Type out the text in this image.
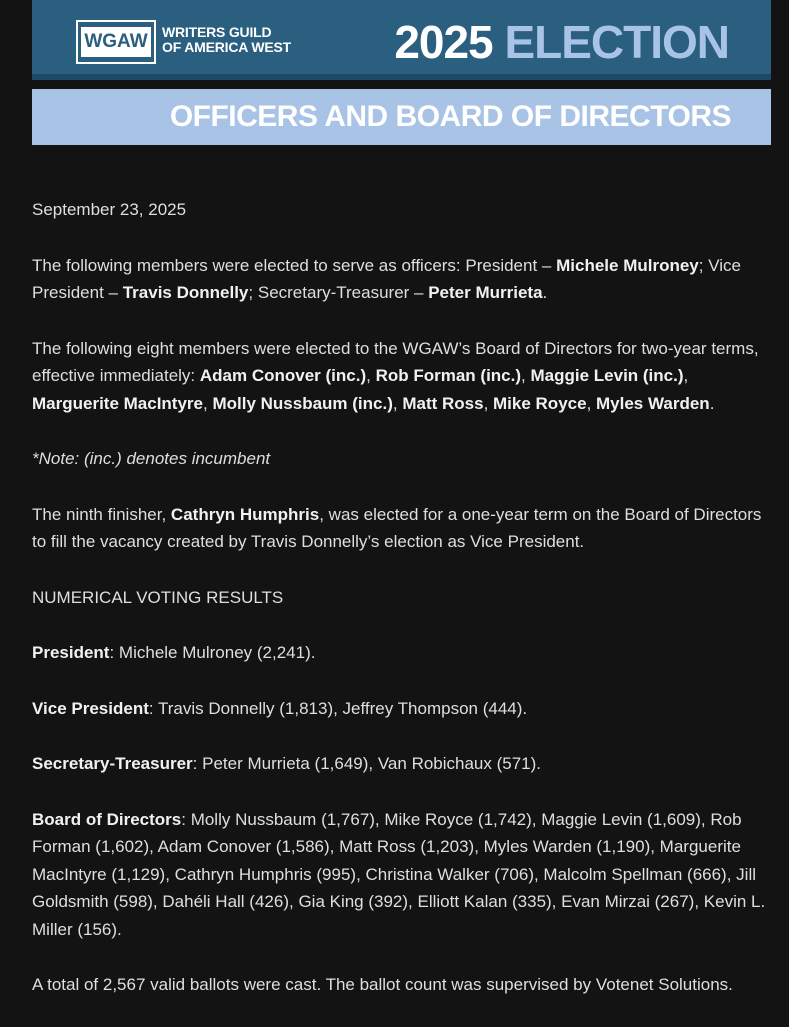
WGAW WRITERS GUILD
OF AMERICA WEST 2025 ELECTION
OFFICERS AND BOARD OF DIRECTORS

September 23, 2025

The following members were elected to serve as officers: President – Michele Mulroney; Vice President – Travis Donnelly; Secretary-Treasurer – Peter Murrieta.

The following eight members were elected to the WGAW’s Board of Directors for two-year terms, effective immediately: Adam Conover (inc.), Rob Forman (inc.), Maggie Levin (inc.), Marguerite MacIntyre, Molly Nussbaum (inc.), Matt Ross, Mike Royce, Myles Warden.

*Note: (inc.) denotes incumbent

The ninth finisher, Cathryn Humphris, was elected for a one-year term on the Board of Directors to fill the vacancy created by Travis Donnelly’s election as Vice President.

NUMERICAL VOTING RESULTS

President: Michele Mulroney (2,241).

Vice President: Travis Donnelly (1,813), Jeffrey Thompson (444).

Secretary-Treasurer: Peter Murrieta (1,649), Van Robichaux (571).

Board of Directors: Molly Nussbaum (1,767), Mike Royce (1,742), Maggie Levin (1,609), Rob Forman (1,602), Adam Conover (1,586), Matt Ross (1,203), Myles Warden (1,190), Marguerite MacIntyre (1,129), Cathryn Humphris (995), Christina Walker (706), Malcolm Spellman (666), Jill Goldsmith (598), Dahéli Hall (426), Gia King (392), Elliott Kalan (335), Evan Mirzai (267), Kevin L. Miller (156).

A total of 2,567 valid ballots were cast. The ballot count was supervised by Votenet Solutions.
